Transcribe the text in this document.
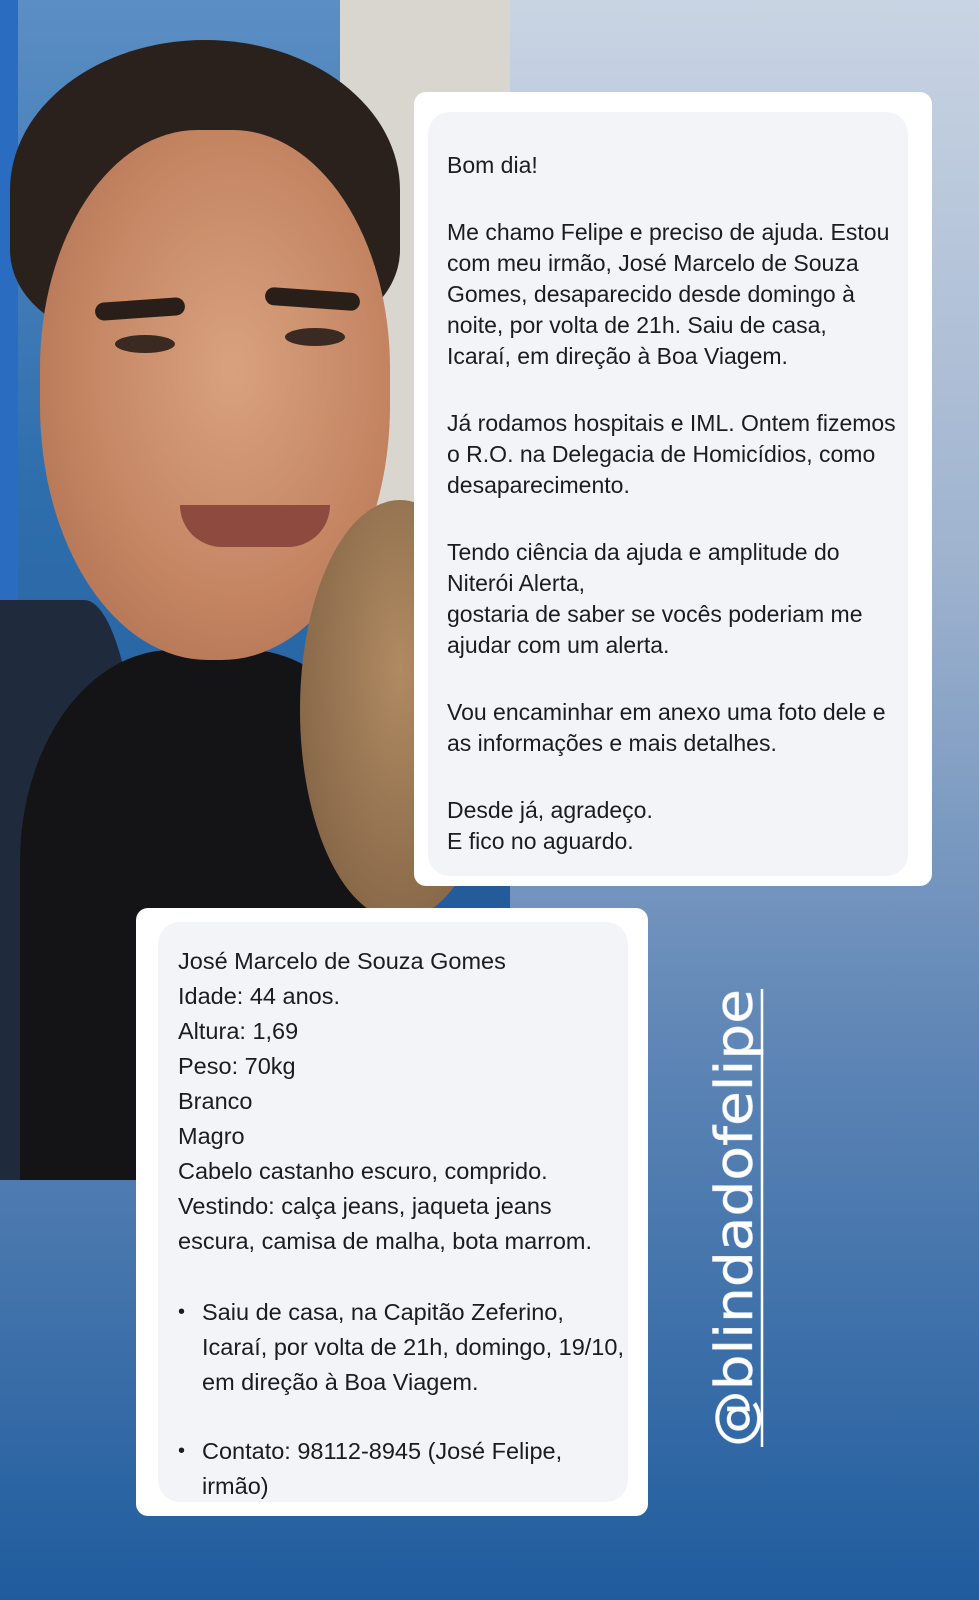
Bom dia!

Me chamo Felipe e preciso de ajuda. Estou com meu irmão, José Marcelo de Souza Gomes, desaparecido desde domingo à noite, por volta de 21h. Saiu de casa, Icaraí, em direção à Boa Viagem.

Já rodamos hospitais e IML. Ontem fizemos o R.O. na Delegacia de Homicídios, como desaparecimento.

Tendo ciência da ajuda e amplitude do Niterói Alerta,
gostaria de saber se vocês poderiam me ajudar com um alerta.

Vou encaminhar em anexo uma foto dele e as informações e mais detalhes.

Desde já, agradeço.
E fico no aguardo.

José Marcelo de Souza Gomes
Idade: 44 anos.
Altura: 1,69
Peso: 70kg
Branco
Magro
Cabelo castanho escuro, comprido.
Vestindo: calça jeans, jaqueta jeans escura, camisa de malha, bota marrom.
• Saiu de casa, na Capitão Zeferino, Icaraí, por volta de 21h, domingo, 19/10, em direção à Boa Viagem.
• Contato: 98112-8945 (José Felipe, irmão)
@blindadofelipe
